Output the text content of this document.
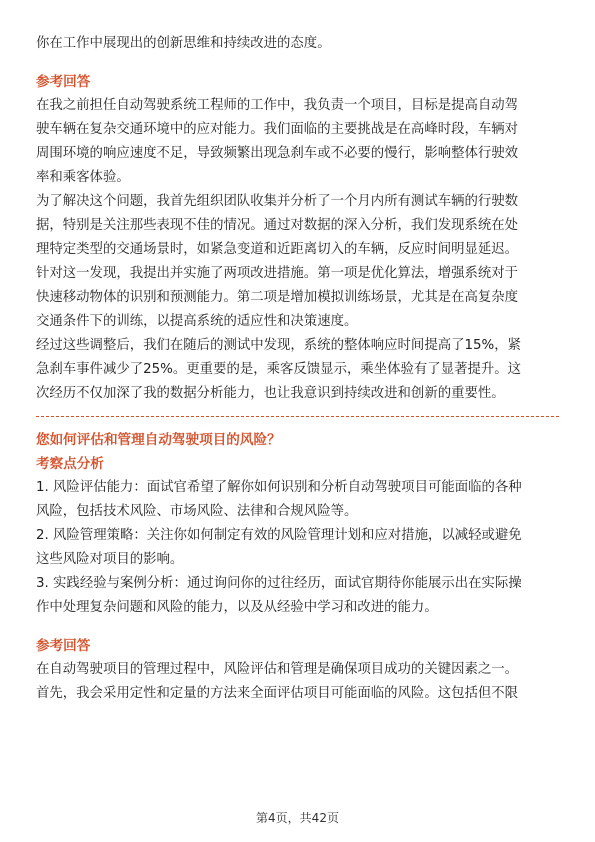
你在工作中展现出的创新思维和持续改进的态度。

参考回答

在我之前担任自动驾驶系统工程师的工作中，我负责一个项目，目标是提高自动驾

驶车辆在复杂交通环境中的应对能力。我们面临的主要挑战是在高峰时段，车辆对

周围环境的响应速度不足，导致频繁出现急刹车或不必要的慢行，影响整体行驶效

率和乘客体验。

为了解决这个问题，我首先组织团队收集并分析了一个月内所有测试车辆的行驶数

据，特别是关注那些表现不佳的情况。通过对数据的深入分析，我们发现系统在处

理特定类型的交通场景时，如紧急变道和近距离切入的车辆，反应时间明显延迟。

针对这一发现，我提出并实施了两项改进措施。第一项是优化算法，增强系统对于

快速移动物体的识别和预测能力。第二项是增加模拟训练场景，尤其是在高复杂度

交通条件下的训练，以提高系统的适应性和决策速度。

经过这些调整后，我们在随后的测试中发现，系统的整体响应时间提高了15%，紧

急刹车事件减少了25%。更重要的是，乘客反馈显示，乘坐体验有了显著提升。这

次经历不仅加深了我的数据分析能力，也让我意识到持续改进和创新的重要性。

您如何评估和管理自动驾驶项目的风险？

考察点分析

1. 风险评估能力：面试官希望了解你如何识别和分析自动驾驶项目可能面临的各种

风险，包括技术风险、市场风险、法律和合规风险等。

2. 风险管理策略：关注你如何制定有效的风险管理计划和应对措施，以减轻或避免

这些风险对项目的影响。

3. 实践经验与案例分析：通过询问你的过往经历，面试官期待你能展示出在实际操

作中处理复杂问题和风险的能力，以及从经验中学习和改进的能力。

参考回答

在自动驾驶项目的管理过程中，风险评估和管理是确保项目成功的关键因素之一。

首先，我会采用定性和定量的方法来全面评估项目可能面临的风险。这包括但不限

第4页，共42页
